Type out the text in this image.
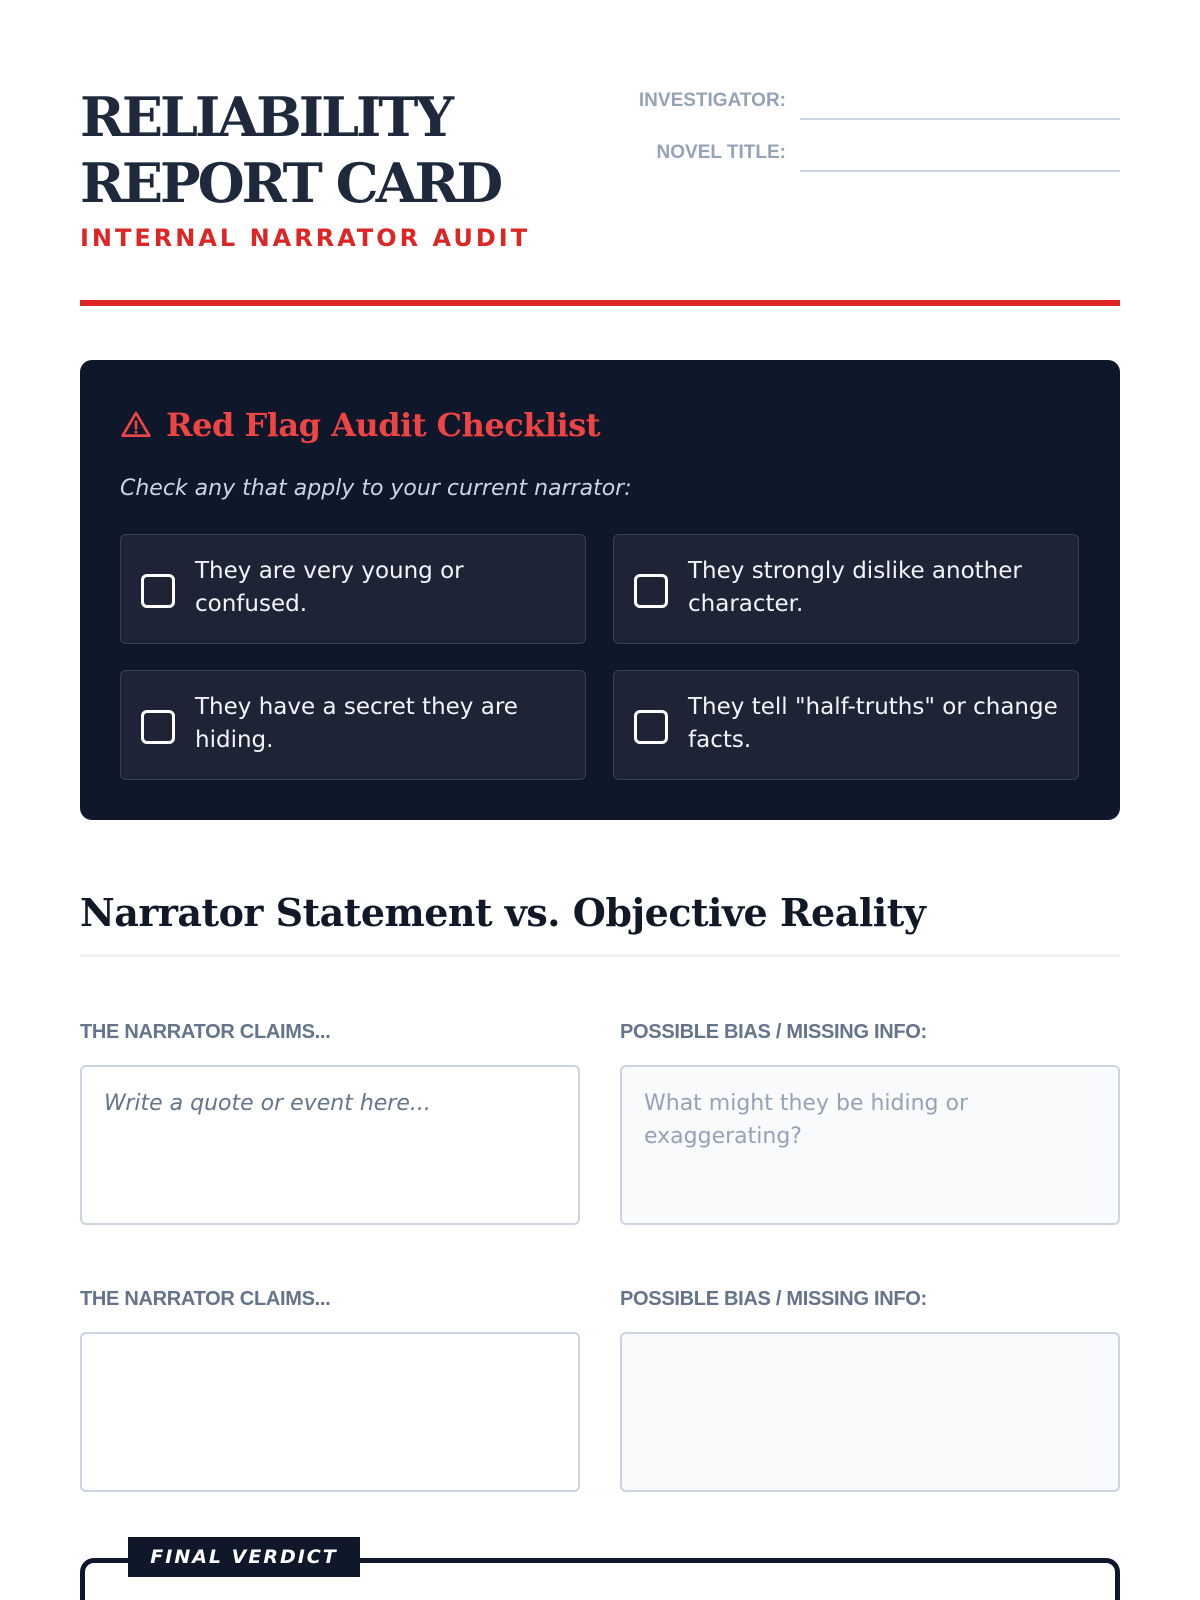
RELIABILITY
REPORT CARD
INTERNAL NARRATOR AUDIT
INVESTIGATOR:
NOVEL TITLE:
Red Flag Audit Checklist
Check any that apply to your current narrator:
They are very young or confused.
They strongly dislike another character.
They have a secret they are hiding.
They tell "half-truths" or change facts.
Narrator Statement vs. Objective Reality
THE NARRATOR CLAIMS...	POSSIBLE BIAS / MISSING INFO:
Write a quote or event here...
What might they be hiding or exaggerating?
THE NARRATOR CLAIMS...	POSSIBLE BIAS / MISSING INFO:
FINAL VERDICT
